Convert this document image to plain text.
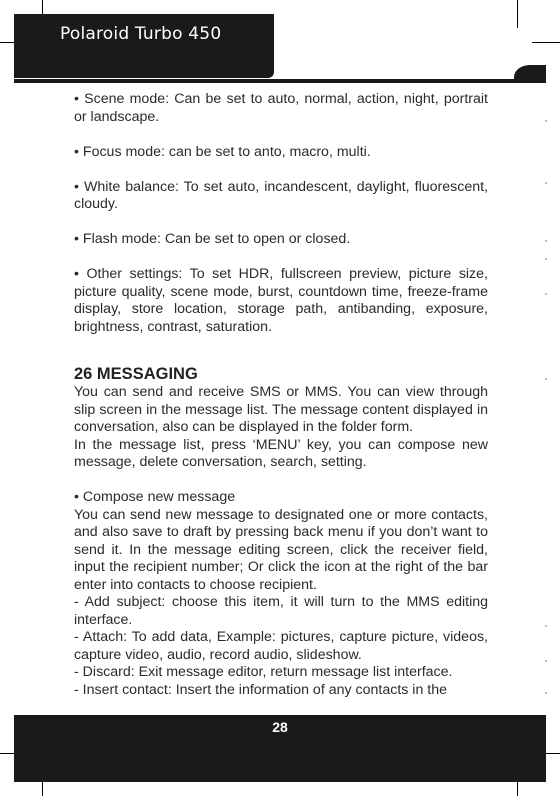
Polaroid Turbo 450

• Scene mode: Can be set to auto, normal, action, night, portrait or landscape.

• Focus mode: can be set to anto, macro, multi.

• White balance: To set auto, incandescent, daylight, fluorescent, cloudy.

• Flash mode: Can be set to open or closed.

• Other settings: To set HDR, fullscreen preview, picture size, picture quality, scene mode, burst, countdown time, freeze-frame display, store location, storage path, antibanding, exposure, brightness, contrast, saturation.

26 MESSAGING

You can send and receive SMS or MMS. You can view through slip screen in the message list. The message content displayed in conversation, also can be displayed in the folder form.

In the message list, press ‘MENU’ key, you can compose new message, delete conversation, search, setting.

• Compose new message

You can send new message to designated one or more contacts, and also save to draft by pressing back menu if you don’t want to send it. In the message editing screen, click the receiver field, input the recipient number; Or click the icon at the right of the bar enter into contacts to choose recipient.

- Add subject: choose this item, it will turn to the MMS editing interface.

- Attach: To add data, Example: pictures, capture picture, videos, capture video, audio, record audio, slideshow.

- Discard: Exit message editor, return message list interface.

- Insert contact: Insert the information of any contacts in the

28
